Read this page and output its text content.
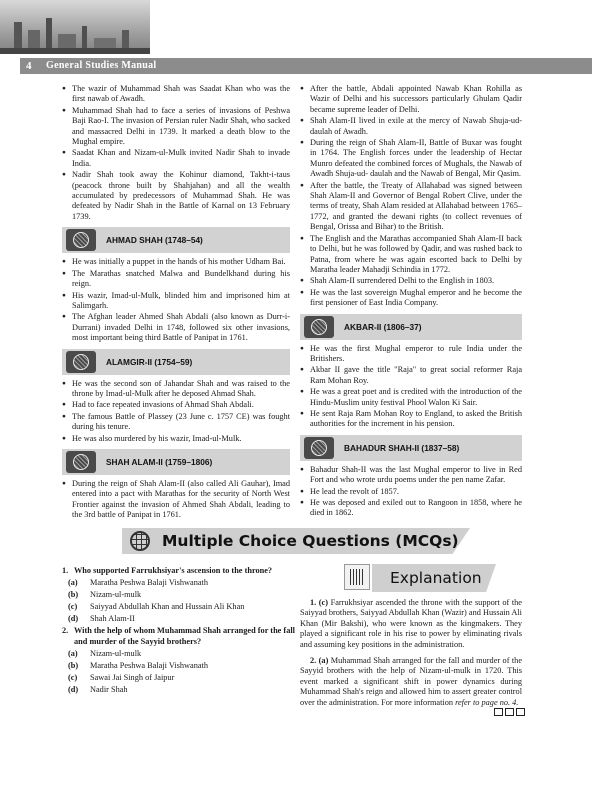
4 General Studies Manual
● The wazir of Muhammad Shah was Saadat Khan who was the first nawab of Awadh.
● Muhammad Shah had to face a series of invasions of Peshwa Baji Rao-I. The invasion of Persian ruler Nadir Shah, who sacked and massacred Delhi in 1739. It marked a death blow to the Mughal empire.
● Saadat Khan and Nizam-ul-Mulk invited Nadir Shah to invade India.
● Nadir Shah took away the Kohinur diamond, Takht-i-taus (peacock throne built by Shahjahan) and all the wealth accumulated by predecessors of Muhammad Shah. He was defeated by Nadir Shah in the Battle of Karnal on 13 February 1739.
AHMAD SHAH (1748–54)
● He was initially a puppet in the hands of his mother Udham Bai.
● The Marathas snatched Malwa and Bundelkhand during his reign.
● His wazir, Imad-ul-Mulk, blinded him and imprisoned him at Salimgarh.
● The Afghan leader Ahmed Shah Abdali (also known as Durr-i-Durrani) invaded Delhi in 1748, followed six other invasions, most important being third Battle of Panipat in 1761.
ALAMGIR-II (1754–59)
● He was the second son of Jahandar Shah and was raised to the throne by Imad-ul-Mulk after he deposed Ahmad Shah.
● Had to face repeated invasions of Ahmad Shah Abdali.
● The famous Battle of Plassey (23 June c. 1757 CE) was fought during his tenure.
● He was also murdered by his wazir, Imad-ul-Mulk.
SHAH ALAM-II (1759–1806)
● During the reign of Shah Alam-II (also called Ali Gauhar), Imad entered into a pact with Marathas for the security of North West Frontier against the invasion of Ahmed Shah Abdali, leading to the 3rd battle of Panipat in 1761.
● After the battle, Abdali appointed Nawab Khan Rohilla as Wazir of Delhi and his successors particularly Ghulam Qadir became supreme leader of Delhi.
● Shah Alam-II lived in exile at the mercy of Nawab Shuja-ud-daulah of Awadh.
● During the reign of Shah Alam-II, Battle of Buxar was fought in 1764. The English forces under the leadership of Hectar Munro defeated the combined forces of Mughals, the Nawab of Awadh Shuja-ud- daulah and the Nawab of Bengal, Mir Qasim.
● After the battle, the Treaty of Allahabad was signed between Shah Alam-II and Governor of Bengal Robert Clive, under the terms of treaty, Shah Alam resided at Allahabad between 1765–1772, and granted the dewani rights (to collect revenues of Bengal, Orissa and Bihar) to the British.
● The English and the Marathas accompanied Shah Alam-II back to Delhi, but he was followed by Qadir, and was rushed back to Patna, from where he was again escorted back to Delhi by Maratha leader Mahadji Schindia in 1772.
● Shah Alam-II surrendered Delhi to the English in 1803.
● He was the last sovereign Mughal emperor and he become the first pensioner of East India Company.
AKBAR-II (1806–37)
● He was the first Mughal emperor to rule India under the Britishers.
● Akbar II gave the title "Raja" to great social reformer Raja Ram Mohan Roy.
● He was a great poet and is credited with the introduction of the Hindu-Muslim unity festival Phool Walon Ki Sair.
● He sent Raja Ram Mohan Roy to England, to asked the British authorities for the increment in his pension.
BAHADUR SHAH-II (1837–58)
● Bahadur Shah-II was the last Mughal emperor to live in Red Fort and who wrote urdu poems under the pen name Zafar.
● He lead the revolt of 1857.
● He was deposed and exiled out to Rangoon in 1858, where he died in 1862.
Multiple Choice Questions (MCQs)
1. Who supported Farrukhsiyar's ascension to the throne?
(a)	Maratha Peshwa Balaji Vishwanath
(b)	Nizam-ul-mulk
(c)	Saiyyad Abdullah Khan and Hussain Ali Khan
(d)	Shah Alam-II
2. With the help of whom Muhammad Shah arranged for the fall and murder of the Sayyid brothers?
(a)	Nizam-ul-mulk
(b)	Maratha Peshwa Balaji Vishwanath
(c)	Sawai Jai Singh of Jaipur
(d)	Nadir Shah
Explanation

1. (c) Farrukhsiyar ascended the throne with the support of the Saiyyad brothers, Saiyyad Abdullah Khan (Wazir) and Hussain Ali Khan (Mir Bakshi), who were known as the kingmakers. They played a significant role in his rise to power by eliminating rivals and assuming key positions in the administration.

2. (a) Muhammad Shah arranged for the fall and murder of the Sayyid brothers with the help of Nizam-ul-mulk in 1720. This event marked a significant shift in power dynamics during Muhammad Shah's reign and allowed him to assert greater control over the administration. For more information refer to page no. 4.
